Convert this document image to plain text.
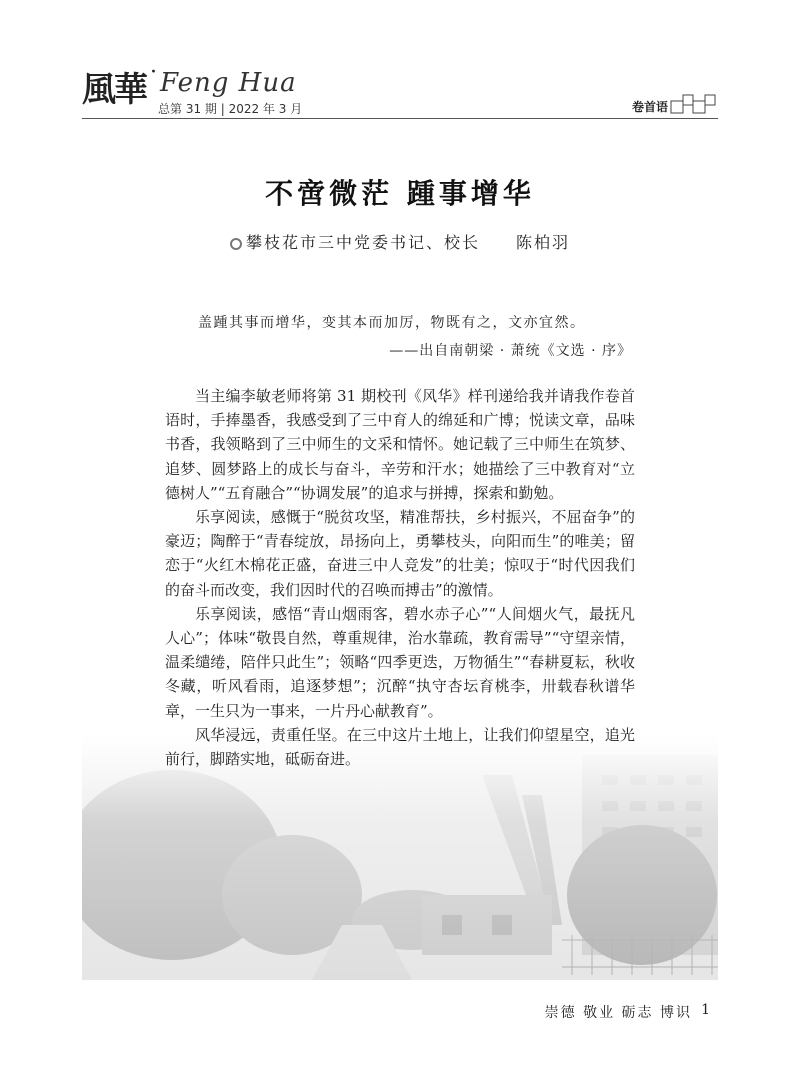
風華 · Feng Hua
总第 31 期 | 2022 年 3 月	卷首语
不啻微茫 踵事增华
攀枝花市三中党委书记、校长 陈柏羽
盖踵其事而增华，变其本而加厉，物既有之，文亦宜然。
——出自南朝梁 · 萧统《文选 · 序》

当主编李敏老师将第 31 期校刊《风华》样刊递给我并请我作卷首语时，手捧墨香，我感受到了三中育人的绵延和广博；悦读文章，品味书香，我领略到了三中师生的文采和情怀。她记载了三中师生在筑梦、追梦、圆梦路上的成长与奋斗，辛劳和汗水；她描绘了三中教育对“立德树人”“五育融合”“协调发展”的追求与拼搏，探索和勤勉。

乐享阅读，感慨于“脱贫攻坚，精准帮扶，乡村振兴，不屈奋争”的豪迈；陶醉于“青春绽放，昂扬向上，勇攀枝头，向阳而生”的唯美；留恋于“火红木棉花正盛，奋进三中人竞发”的壮美；惊叹于“时代因我们的奋斗而改变，我们因时代的召唤而搏击”的激情。

乐享阅读，感悟“青山烟雨客，碧水赤子心”“人间烟火气，最抚凡人心”；体味“敬畏自然，尊重规律，治水靠疏，教育需导”“守望亲情，温柔缱绻，陪伴只此生”；领略“四季更迭，万物循生”“春耕夏耘，秋收冬藏，听风看雨，追逐梦想”；沉醉“执守杏坛育桃李，卅载春秋谱华章，一生只为一事来，一片丹心献教育”。

风华浸远，责重任坚。在三中这片土地上，让我们仰望星空，追光前行，脚踏实地，砥砺奋进。

崇德 敬业 砺志 博识 1
